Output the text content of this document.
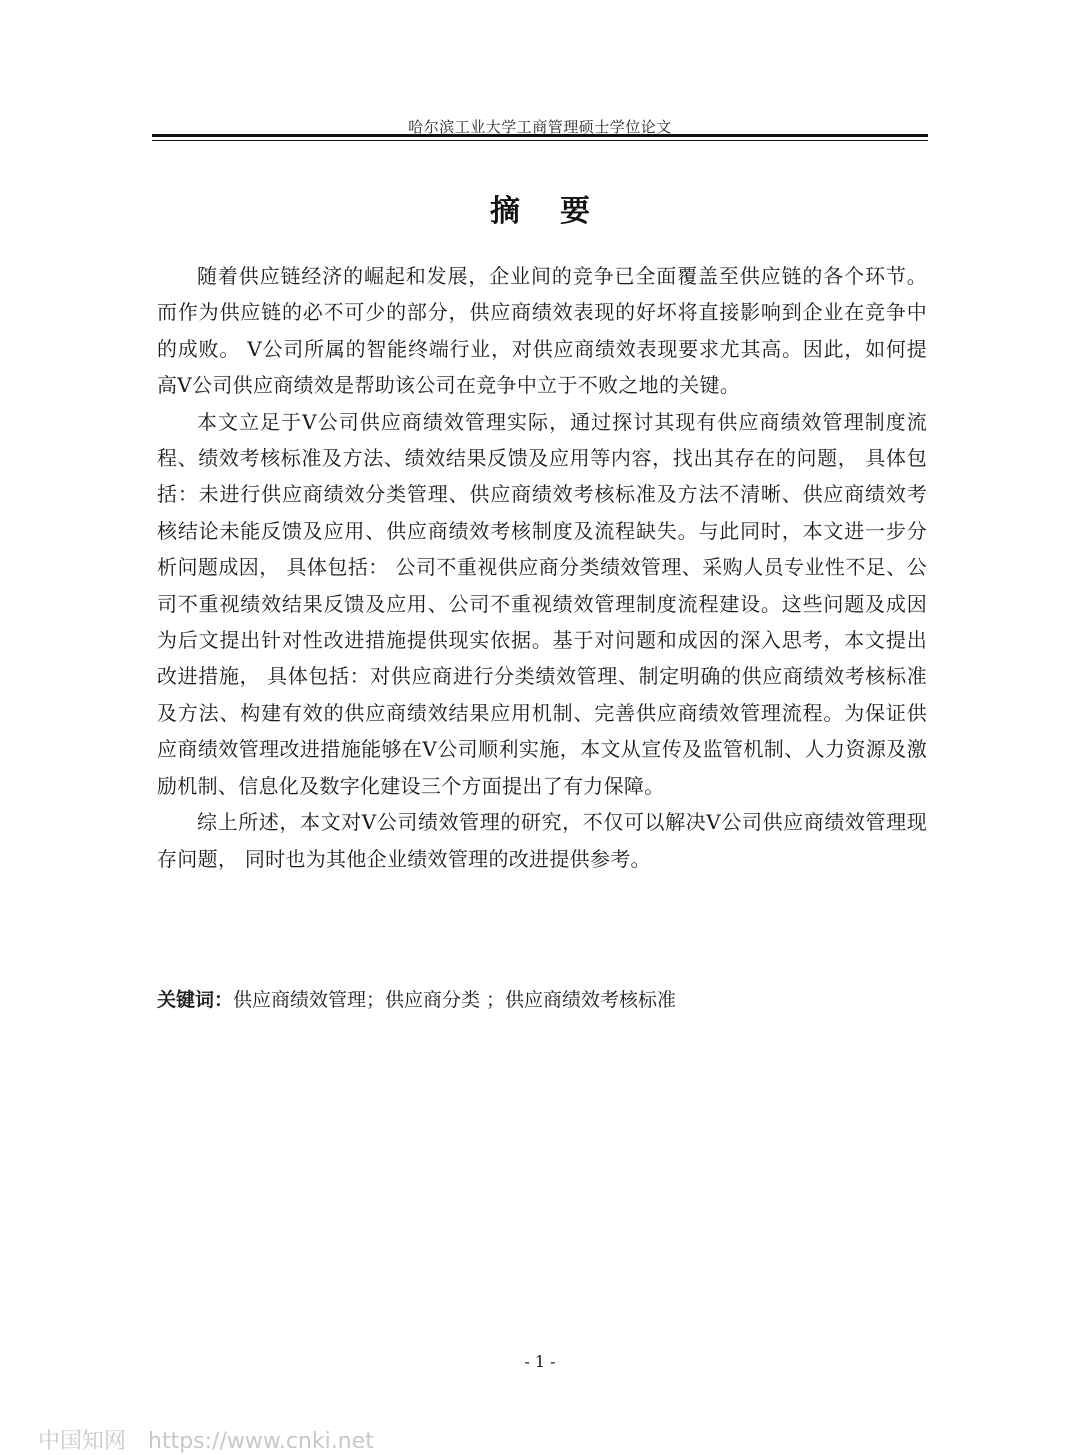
哈尔滨工业大学工商管理硕士学位论文
摘要

随着供应链经济的崛起和发展，企业间的竞争已全面覆盖至供应链的各个环节。而作为供应链的必不可少的部分，供应商绩效表现的好坏将直接影响到企业在竞争中的成败。 V公司所属的智能终端行业，对供应商绩效表现要求尤其高。因此，如何提高V公司供应商绩效是帮助该公司在竞争中立于不败之地的关键。

本文立足于V公司供应商绩效管理实际，通过探讨其现有供应商绩效管理制度流程、绩效考核标准及方法、绩效结果反馈及应用等内容，找出其存在的问题， 具体包括：未进行供应商绩效分类管理、供应商绩效考核标准及方法不清晰、供应商绩效考核结论未能反馈及应用、供应商绩效考核制度及流程缺失。与此同时，本文进一步分析问题成因， 具体包括： 公司不重视供应商分类绩效管理、采购人员专业性不足、公司不重视绩效结果反馈及应用、公司不重视绩效管理制度流程建设。这些问题及成因为后文提出针对性改进措施提供现实依据。基于对问题和成因的深入思考，本文提出改进措施， 具体包括：对供应商进行分类绩效管理、制定明确的供应商绩效考核标准及方法、构建有效的供应商绩效结果应用机制、完善供应商绩效管理流程。为保证供应商绩效管理改进措施能够在V公司顺利实施，本文从宣传及监管机制、人力资源及激励机制、信息化及数字化建设三个方面提出了有力保障。

综上所述，本文对V公司绩效管理的研究，不仅可以解决V公司供应商绩效管理现存问题， 同时也为其他企业绩效管理的改进提供参考。

关键词：供应商绩效管理；供应商分类 ；供应商绩效考核标准
- 1 -
中国知网 https://www.cnki.net
